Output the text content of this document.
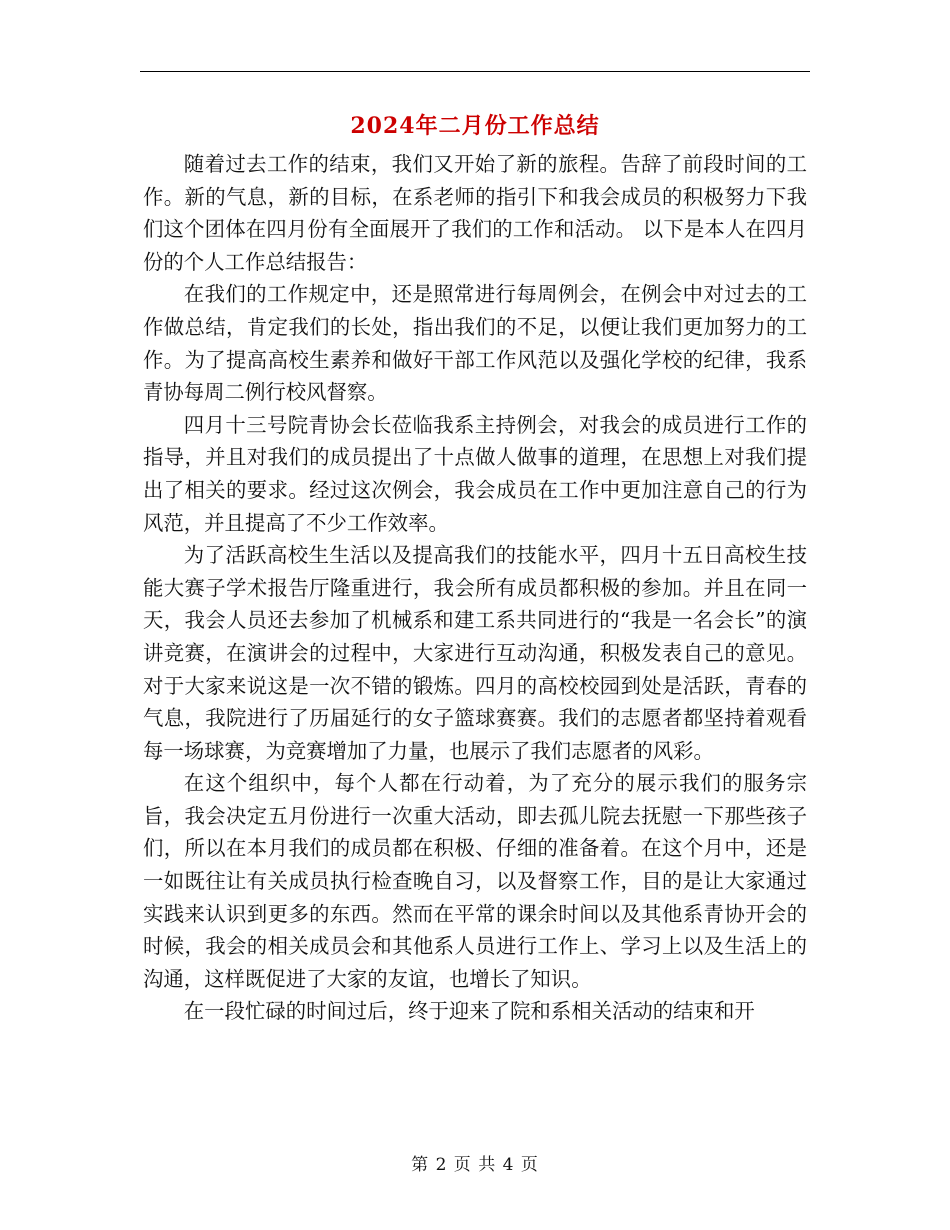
2024年二月份工作总结

随着过去工作的结束，我们又开始了新的旅程。告辞了前段时间的工作。新的气息，新的目标，在系老师的指引下和我会成员的积极努力下我们这个团体在四月份有全面展开了我们的工作和活动。 以下是本人在四月份的个人工作总结报告：

在我们的工作规定中，还是照常进行每周例会，在例会中对过去的工作做总结，肯定我们的长处，指出我们的不足，以便让我们更加努力的工作。为了提高高校生素养和做好干部工作风范以及强化学校的纪律，我系青协每周二例行校风督察。

四月十三号院青协会长莅临我系主持例会，对我会的成员进行工作的指导，并且对我们的成员提出了十点做人做事的道理，在思想上对我们提出了相关的要求。经过这次例会，我会成员在工作中更加注意自己的行为风范，并且提高了不少工作效率。

为了活跃高校生生活以及提高我们的技能水平，四月十五日高校生技能大赛子学术报告厅隆重进行，我会所有成员都积极的参加。并且在同一天，我会人员还去参加了机械系和建工系共同进行的“我是一名会长”的演讲竞赛，在演讲会的过程中，大家进行互动沟通，积极发表自己的意见。对于大家来说这是一次不错的锻炼。四月的高校校园到处是活跃，青春的气息，我院进行了历届延行的女子篮球赛赛。我们的志愿者都坚持着观看每一场球赛，为竞赛增加了力量，也展示了我们志愿者的风彩。

在这个组织中，每个人都在行动着，为了充分的展示我们的服务宗旨，我会决定五月份进行一次重大活动，即去孤儿院去抚慰一下那些孩子们，所以在本月我们的成员都在积极、仔细的准备着。在这个月中，还是一如既往让有关成员执行检查晚自习，以及督察工作，目的是让大家通过实践来认识到更多的东西。然而在平常的课余时间以及其他系青协开会的时候，我会的相关成员会和其他系人员进行工作上、学习上以及生活上的沟通，这样既促进了大家的友谊，也增长了知识。

在一段忙碌的时间过后，终于迎来了院和系相关活动的结束和开

第 2 页 共 4 页
